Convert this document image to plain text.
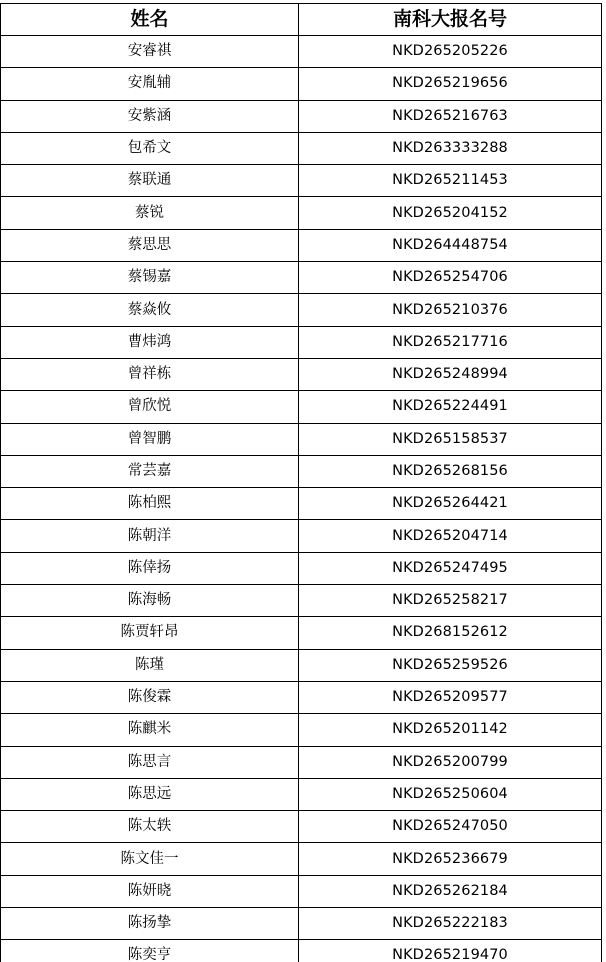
姓名	南科大报名号
安睿祺	NKD265205226
安胤辅	NKD265219656
安紫涵	NKD265216763
包希文	NKD263333288
蔡联通	NKD265211453
蔡锐	NKD265204152
蔡思思	NKD264448754
蔡锡嘉	NKD265254706
蔡焱攸	NKD265210376
曹炜鸿	NKD265217716
曾祥栋	NKD265248994
曾欣悦	NKD265224491
曾智鹏	NKD265158537
常芸嘉	NKD265268156
陈柏熙	NKD265264421
陈朝洋	NKD265204714
陈倖扬	NKD265247495
陈海畅	NKD265258217
陈贾轩昂	NKD268152612
陈瑾	NKD265259526
陈俊霖	NKD265209577
陈麒米	NKD265201142
陈思言	NKD265200799
陈思远	NKD265250604
陈太轶	NKD265247050
陈文佳一	NKD265236679
陈妍晓	NKD265262184
陈扬挚	NKD265222183
陈奕亨	NKD265219470
